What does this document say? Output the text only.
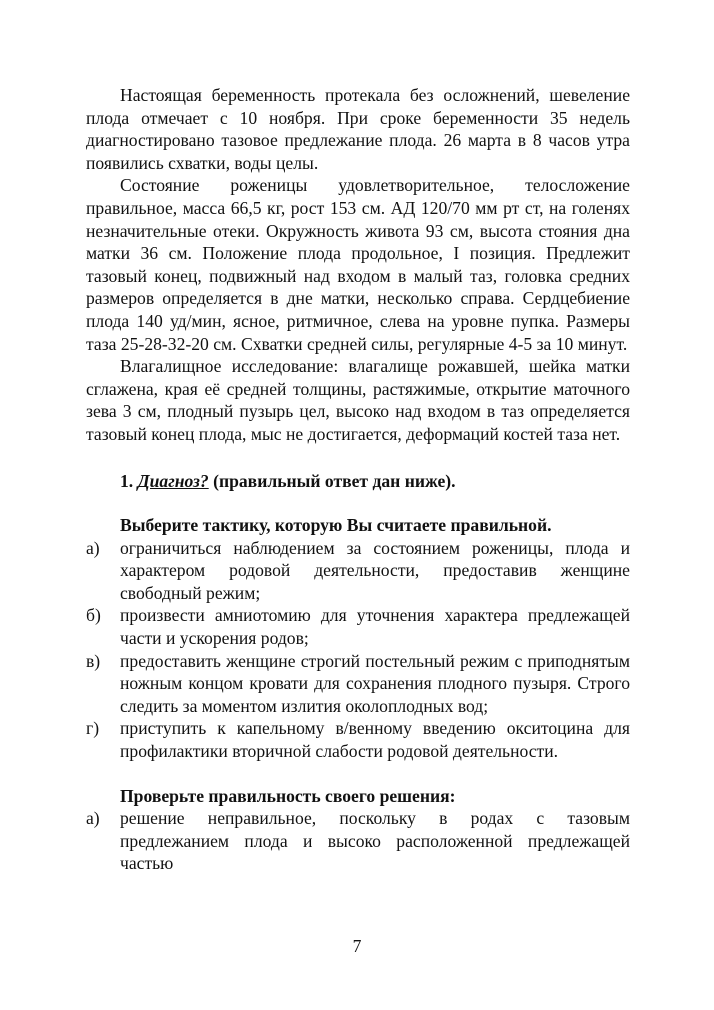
Настоящая беременность протекала без осложнений, шевеление плода отмечает с 10 ноября. При сроке беременности 35 недель диагностировано тазовое предлежание плода. 26 марта в 8 часов утра появились схватки, воды целы.

Состояние роженицы удовлетворительное, телосложение правильное, масса 66,5 кг, рост 153 см. АД 120/70 мм рт ст, на голенях незначительные отеки. Окружность живота 93 см, высота стояния дна матки 36 см. Положение плода продольное, I позиция. Предлежит тазовый конец, подвижный над входом в малый таз, головка средних размеров определяется в дне матки, несколько справа. Сердцебиение плода 140 уд/мин, ясное, ритмичное, слева на уровне пупка. Размеры таза 25-28-32-20 см. Схватки средней силы, регулярные 4-5 за 10 минут.

Влагалищное исследование: влагалище рожавшей, шейка матки сглажена, края её средней толщины, растяжимые, открытие маточного зева 3 см, плодный пузырь цел, высоко над входом в таз определяется тазовый конец плода, мыс не достигается, деформаций костей таза нет.

1. Диагноз? (правильный ответ дан ниже).
Выберите тактику, которую Вы считаете правильной.
а)	ограничиться наблюдением за состоянием роженицы, плода и характером родовой деятельности, предоставив женщине свободный режим;
б)	произвести амниотомию для уточнения характера предлежащей части и ускорения родов;
в)	предоставить женщине строгий постельный режим с приподнятым ножным концом кровати для сохранения плодного пузыря. Строго следить за моментом излития околоплодных вод;
г)	приступить к капельному в/венному введению окситоцина для профилактики вторичной слабости родовой деятельности.
Проверьте правильность своего решения:
а)	решение неправильное, поскольку в родах с тазовым предлежанием плода и высоко расположенной предлежащей частью
7
